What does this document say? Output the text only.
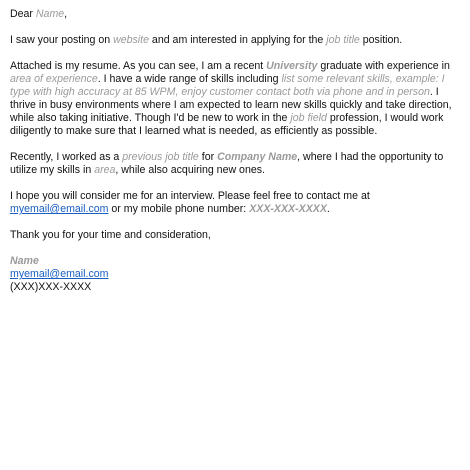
Dear Name,

I saw your posting on website and am interested in applying for the job title position.

Attached is my resume. As you can see, I am a recent University graduate with experience in area of experience. I have a wide range of skills including list some relevant skills, example: I type with high accuracy at 85 WPM, enjoy customer contact both via phone and in person. I thrive in busy environments where I am expected to learn new skills quickly and take direction, while also taking initiative. Though I'd be new to work in the job field profession, I would work diligently to make sure that I learned what is needed, as efficiently as possible.

Recently, I worked as a previous job title for Company Name, where I had the opportunity to utilize my skills in area, while also acquiring new ones.

I hope you will consider me for an interview. Please feel free to contact me at myemail@email.com or my mobile phone number: XXX-XXX-XXXX.

Thank you for your time and consideration,

Name
myemail@email.com
(XXX)XXX-XXXX
